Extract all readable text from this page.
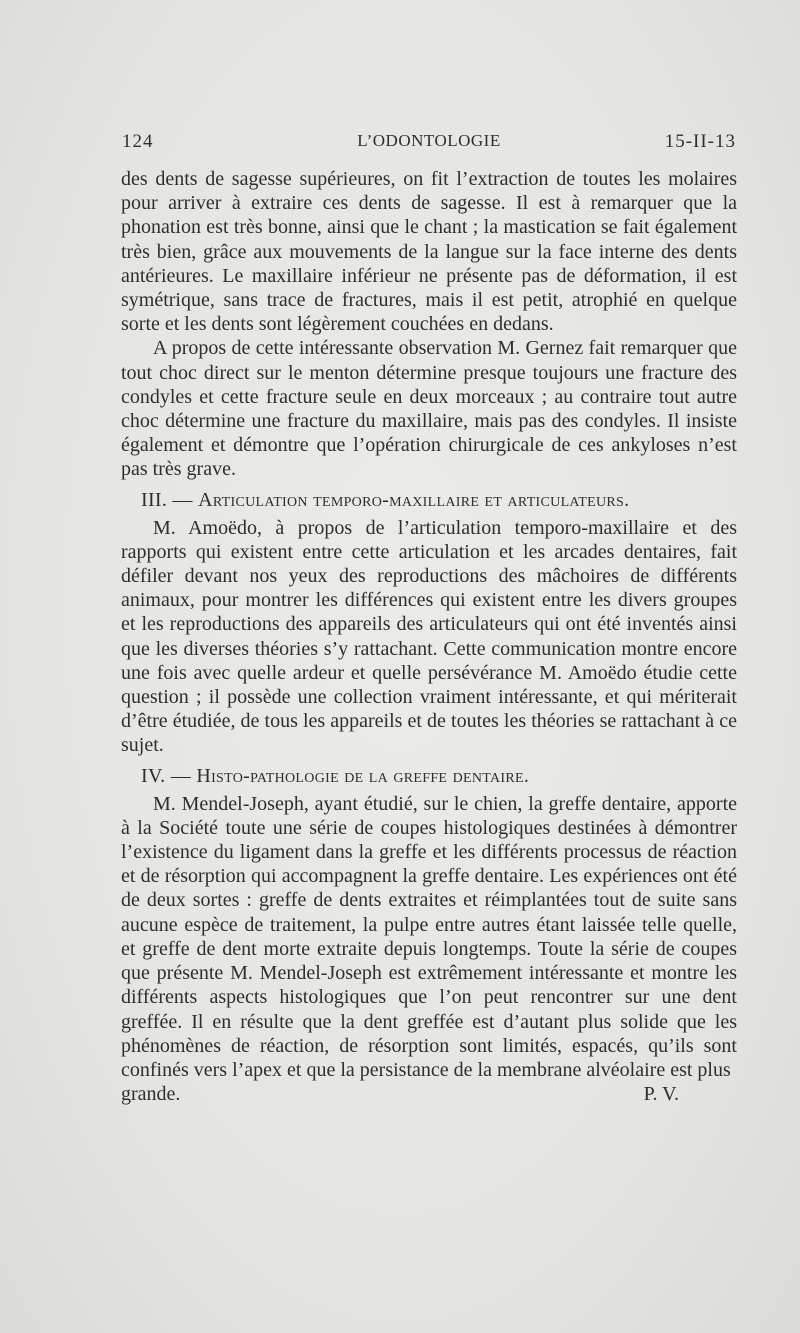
124	L’ODONTOLOGIE	15-II-13

des dents de sagesse supérieures, on fit l’extraction de toutes les molaires pour arriver à extraire ces dents de sagesse. Il est à remarquer que la phonation est très bonne, ainsi que le chant ; la mastication se fait également très bien, grâce aux mouvements de la langue sur la face interne des dents antérieures. Le maxillaire inférieur ne présente pas de déformation, il est symétrique, sans trace de fractures, mais il est petit, atrophié en quelque sorte et les dents sont légèrement couchées en dedans.

A propos de cette intéressante observation M. Gernez fait remarquer que tout choc direct sur le menton détermine presque toujours une fracture des condyles et cette fracture seule en deux morceaux ; au contraire tout autre choc détermine une fracture du maxillaire, mais pas des condyles. Il insiste également et démontre que l’opération chirurgicale de ces ankyloses n’est pas très grave.

III. — Articulation temporo-maxillaire et articulateurs.

M. Amoëdo, à propos de l’articulation temporo-maxillaire et des rapports qui existent entre cette articulation et les arcades dentaires, fait défiler devant nos yeux des reproductions des mâchoires de différents animaux, pour montrer les différences qui existent entre les divers groupes et les reproductions des appareils des articulateurs qui ont été inventés ainsi que les diverses théories s’y rattachant. Cette communication montre encore une fois avec quelle ardeur et quelle persévérance M. Amoëdo étudie cette question ; il possède une collection vraiment intéressante, et qui mériterait d’être étudiée, de tous les appareils et de toutes les théories se rattachant à ce sujet.

IV. — Histo-pathologie de la greffe dentaire.

M. Mendel-Joseph, ayant étudié, sur le chien, la greffe dentaire, apporte à la Société toute une série de coupes histologiques destinées à démontrer l’existence du ligament dans la greffe et les différents processus de réaction et de résorption qui accompagnent la greffe dentaire. Les expériences ont été de deux sortes : greffe de dents extraites et réimplantées tout de suite sans aucune espèce de traitement, la pulpe entre autres étant laissée telle quelle, et greffe de dent morte extraite depuis longtemps. Toute la série de coupes que présente M. Mendel-Joseph est extrêmement intéressante et montre les différents aspects histologiques que l’on peut rencontrer sur une dent greffée. Il en résulte que la dent greffée est d’autant plus solide que les phénomènes de réaction, de résorption sont limités, espacés, qu’ils sont confinés vers l’apex et que la persistance de la membrane alvéolaire est plus

grande.	P. V.
